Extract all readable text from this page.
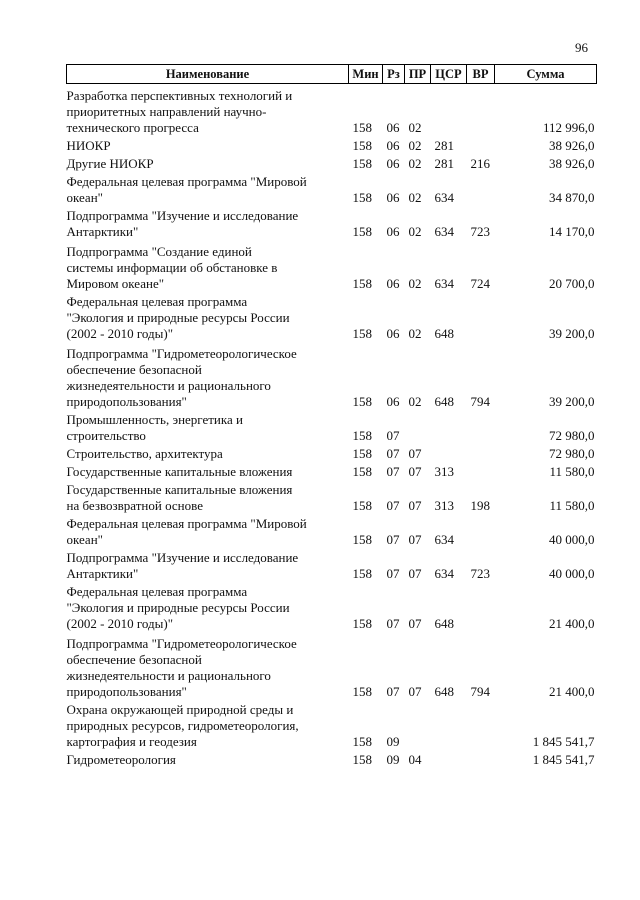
96
Наименование	Мин	Рз	ПР	ЦСР	ВР	Сумма

Разработка перспективных технологий и
приоритетных направлений научно-
технического прогресса	158	06	02			112 996,0

НИОКР	158	06	02	281		38 926,0

Другие НИОКР	158	06	02	281	216	38 926,0

Федеральная целевая программа "Мировой
океан"	158	06	02	634		34 870,0

Подпрограмма "Изучение и исследование
Антарктики"	158	06	02	634	723	14 170,0

Подпрограмма "Создание единой
системы информации об обстановке в
Мировом океане"	158	06	02	634	724	20 700,0

Федеральная целевая программа
"Экология и природные ресурсы России
(2002 - 2010 годы)"	158	06	02	648		39 200,0

Подпрограмма "Гидрометеорологическое
обеспечение безопасной
жизнедеятельности и рационального
природопользования"	158	06	02	648	794	39 200,0

Промышленность, энергетика и
строительство	158	07				72 980,0

Строительство, архитектура	158	07	07			72 980,0

Государственные капитальные вложения	158	07	07	313		11 580,0

Государственные капитальные вложения
на безвозвратной основе	158	07	07	313	198	11 580,0

Федеральная целевая программа "Мировой
океан"	158	07	07	634		40 000,0

Подпрограмма "Изучение и исследование
Антарктики"	158	07	07	634	723	40 000,0

Федеральная целевая программа
"Экология и природные ресурсы России
(2002 - 2010 годы)"	158	07	07	648		21 400,0

Подпрограмма "Гидрометеорологическое
обеспечение безопасной
жизнедеятельности и рационального
природопользования"	158	07	07	648	794	21 400,0

Охрана окружающей природной среды и
природных ресурсов, гидрометеорология,
картография и геодезия	158	09				1 845 541,7

Гидрометеорология	158	09	04			1 845 541,7
